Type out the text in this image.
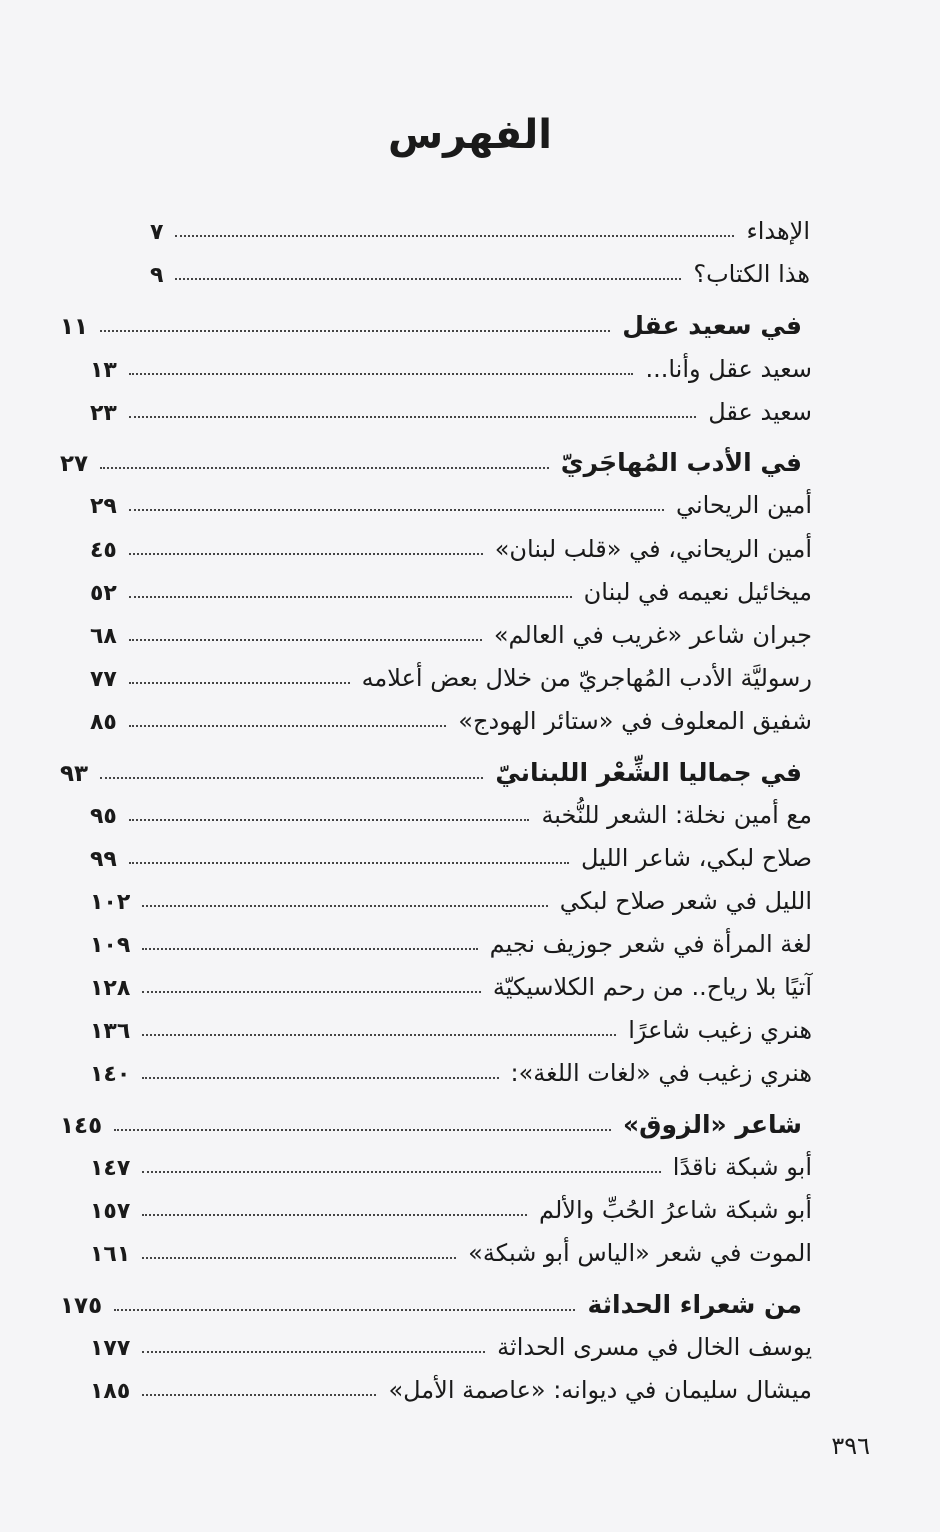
الفهرس
الإهداء
٧
هذا الكتاب؟
٩
في سعيد عقل
١١
سعيد عقل وأنا...
١٣
سعيد عقل
٢٣
في الأدب المُهاجَريّ
٢٧
أمين الريحاني
٢٩
أمين الريحاني، في «قلب لبنان»
٤٥
ميخائيل نعيمه في لبنان
٥٢
جبران شاعر «غريب في العالم»
٦٨
رسوليَّة الأدب المُهاجريّ من خلال بعض أعلامه
٧٧
شفيق المعلوف في «ستائر الهودج»
٨٥
في جماليا الشِّعْر اللبنانيّ
٩٣
مع أمين نخلة: الشعر للنُّخبة
٩٥
صلاح لبكي، شاعر الليل
٩٩
الليل في شعر صلاح لبكي
١٠٢
لغة المرأة في شعر جوزيف نجيم
١٠٩
آتيًا بلا رياح.. من رحم الكلاسيكيّة
١٢٨
هنري زغيب شاعرًا
١٣٦
هنري زغيب في «لغات اللغة»:
١٤٠
شاعر «الزوق»
١٤٥
أبو شبكة ناقدًا
١٤٧
أبو شبكة شاعرُ الحُبِّ والألم
١٥٧
الموت في شعر «الياس أبو شبكة»
١٦١
من شعراء الحداثة
١٧٥
يوسف الخال في مسرى الحداثة
١٧٧
ميشال سليمان في ديوانه: «عاصمة الأمل»
١٨٥
٣٩٦
